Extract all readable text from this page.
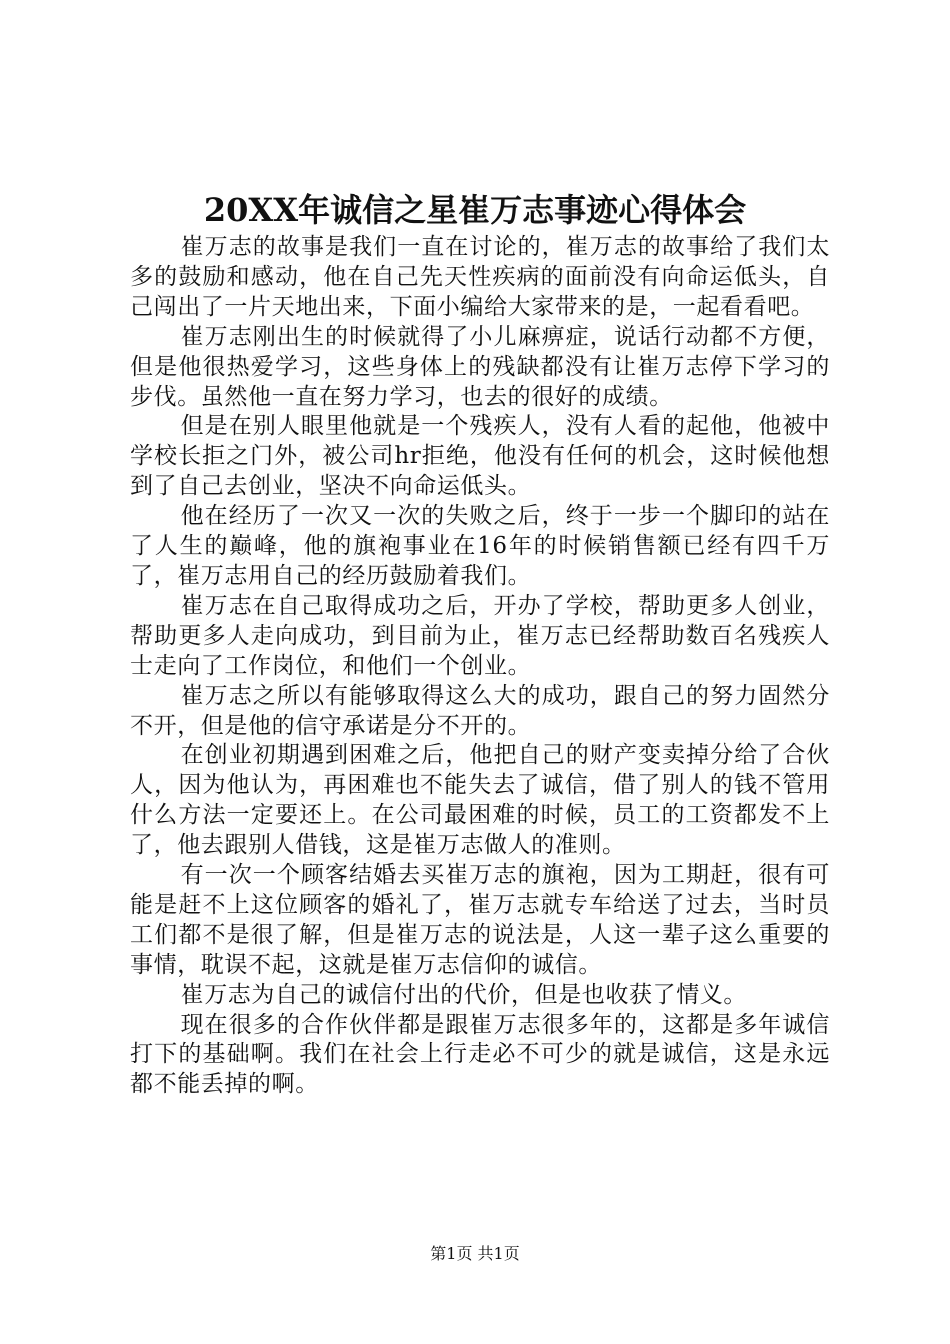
20XX年诚信之星崔万志事迹心得体会

崔万志的故事是我们一直在讨论的，崔万志的故事给了我们太多的鼓励和感动，他在自己先天性疾病的面前没有向命运低头，自己闯出了一片天地出来，下面小编给大家带来的是，一起看看吧。

崔万志刚出生的时候就得了小儿麻痹症，说话行动都不方便，但是他很热爱学习，这些身体上的残缺都没有让崔万志停下学习的步伐。虽然他一直在努力学习，也去的很好的成绩。

但是在别人眼里他就是一个残疾人，没有人看的起他，他被中学校长拒之门外，被公司hr拒绝，他没有任何的机会，这时候他想到了自己去创业，坚决不向命运低头。

他在经历了一次又一次的失败之后，终于一步一个脚印的站在了人生的巅峰，他的旗袍事业在16年的时候销售额已经有四千万了，崔万志用自己的经历鼓励着我们。

崔万志在自己取得成功之后，开办了学校，帮助更多人创业，帮助更多人走向成功，到目前为止，崔万志已经帮助数百名残疾人士走向了工作岗位，和他们一个创业。

崔万志之所以有能够取得这么大的成功，跟自己的努力固然分不开，但是他的信守承诺是分不开的。

在创业初期遇到困难之后，他把自己的财产变卖掉分给了合伙人，因为他认为，再困难也不能失去了诚信，借了别人的钱不管用什么方法一定要还上。在公司最困难的时候，员工的工资都发不上了，他去跟别人借钱，这是崔万志做人的准则。

有一次一个顾客结婚去买崔万志的旗袍，因为工期赶，很有可能是赶不上这位顾客的婚礼了，崔万志就专车给送了过去，当时员工们都不是很了解，但是崔万志的说法是，人这一辈子这么重要的事情，耽误不起，这就是崔万志信仰的诚信。

崔万志为自己的诚信付出的代价，但是也收获了情义。

现在很多的合作伙伴都是跟崔万志很多年的，这都是多年诚信打下的基础啊。我们在社会上行走必不可少的就是诚信，这是永远都不能丢掉的啊。

第1页 共1页
